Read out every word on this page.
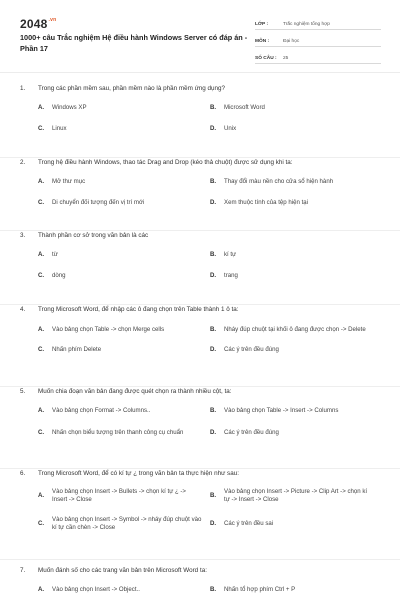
$2048^{.vn}$
1000+ câu Trắc nghiệm Hệ điều hành Windows Server có đáp án - Phần 17
LỚP :	Trắc nghiệm tổng hợp
MÔN :	Đại học
SỐ CÂU :	25
1.	Trong các phần mềm sau, phần mềm nào là phần mềm ứng dụng?
A.	Windows XP	B.	Microsoft Word
C.	Linux	D.	Unix
2.	Trong hệ điều hành Windows, thao tác Drag and Drop (kéo thả chuột) được sử dụng khi ta:
A.	Mở thư mục	B.	Thay đổi màu nền cho cửa sổ hiện hành
C.	Di chuyển đối tượng đến vị trí mới	D.	Xem thuộc tính của tệp hiện tại
3.	Thành phần cơ sở trong văn bản là các
A.	từ	B.	kí tự
C.	dòng	D.	trang
4.	Trong Microsoft Word, để nhập các ô đang chọn trên Table thành 1 ô ta:
A.	Vào bảng chọn Table -> chọn Merge cells	B.	Nháy đúp chuột tại khối ô đang được chọn -> Delete
C.	Nhấn phím Delete	D.	Các ý trên đều đúng
5.	Muốn chia đoạn văn bản đang được quét chọn ra thành nhiều cột, ta:
A.	Vào bảng chọn Format -> Columns..	B.	Vào bảng chọn Table -> Insert -> Columns
C.	Nhấn chọn biểu tượng trên thanh công cụ chuẩn	D.	Các ý trên đều đúng
6.	Trong Microsoft Word, để có kí tự ¿ trong văn bản ta thực hiện như sau:
A.
Vào bảng chọn Insert -> Bullets -> chọn kí tự ¿ -> Insert -> Close
B.
Vào bảng chọn Insert -> Picture -> Clip Art -> chọn kí tự -> Insert -> Close
C.
Vào bảng chọn Insert -> Symbol -> nháy đúp chuột vào kí tự cần chèn -> Close
D.	Các ý trên đều sai
7.	Muốn đánh số cho các trang văn bản trên Microsoft Word ta:
A.	Vào bảng chọn Insert -> Object..	B.	Nhấn tổ hợp phím Ctrl + P
